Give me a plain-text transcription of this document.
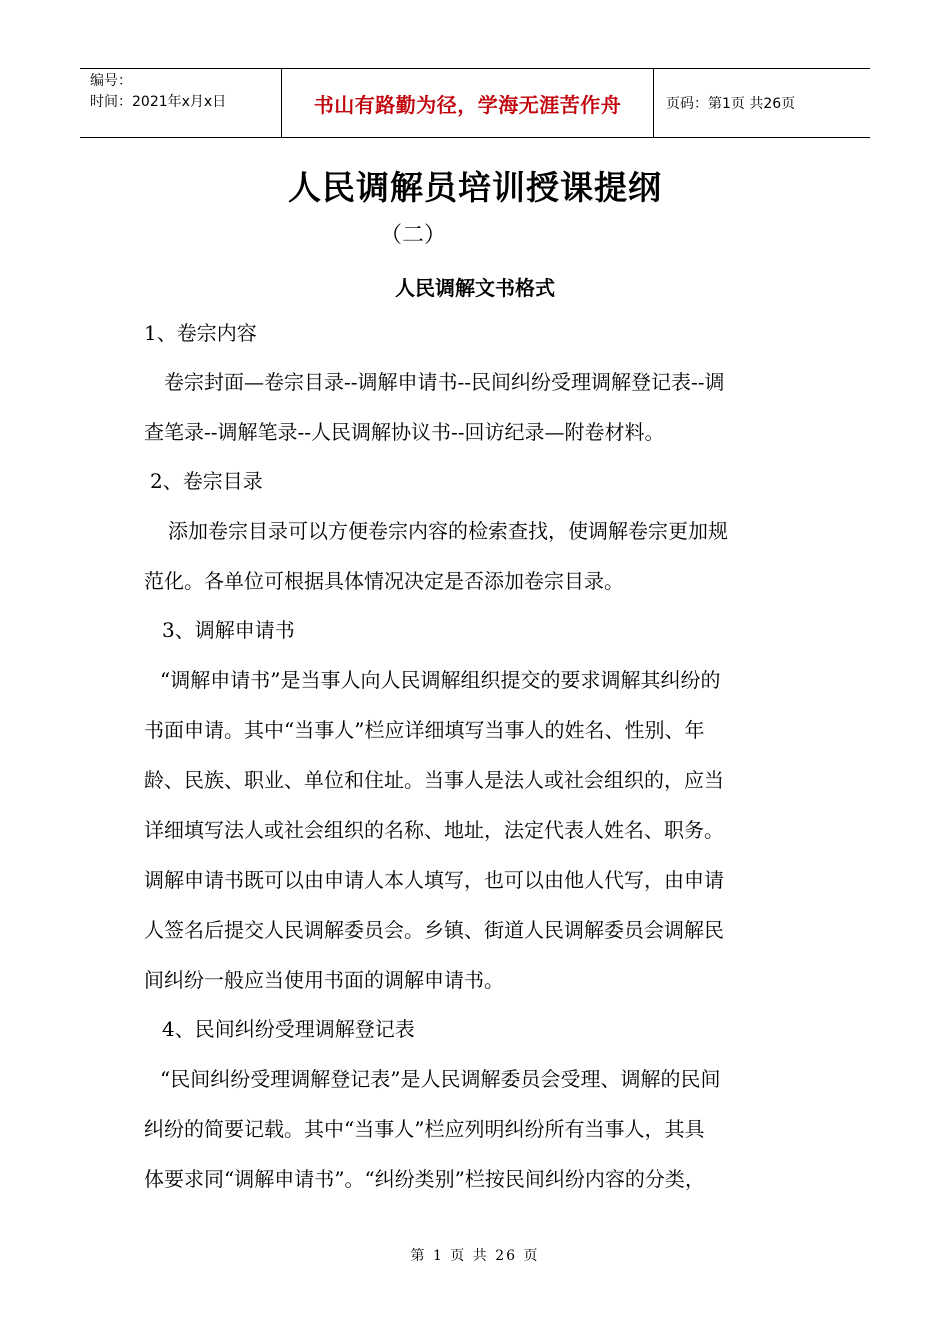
编号：
时间：2021年x月x日	书山有路勤为径，学海无涯苦作舟	页码：第1页 共26页
人民调解员培训授课提纲
（二）
人民调解文书格式
1、卷宗内容
卷宗封面—卷宗目录--调解申请书--民间纠纷受理调解登记表--调
查笔录--调解笔录--人民调解协议书--回访纪录—附卷材料。
2、卷宗目录
添加卷宗目录可以方便卷宗内容的检索查找，使调解卷宗更加规
范化。各单位可根据具体情况决定是否添加卷宗目录。
3、调解申请书
“调解申请书”是当事人向人民调解组织提交的要求调解其纠纷的
书面申请。其中“当事人”栏应详细填写当事人的姓名、性别、年
龄、民族、职业、单位和住址。当事人是法人或社会组织的，应当
详细填写法人或社会组织的名称、地址，法定代表人姓名、职务。
调解申请书既可以由申请人本人填写，也可以由他人代写，由申请
人签名后提交人民调解委员会。乡镇、街道人民调解委员会调解民
间纠纷一般应当使用书面的调解申请书。
4、民间纠纷受理调解登记表
“民间纠纷受理调解登记表”是人民调解委员会受理、调解的民间
纠纷的简要记载。其中“当事人”栏应列明纠纷所有当事人，其具
体要求同“调解申请书”。“纠纷类别”栏按民间纠纷内容的分类，
第 1 页 共 26 页
